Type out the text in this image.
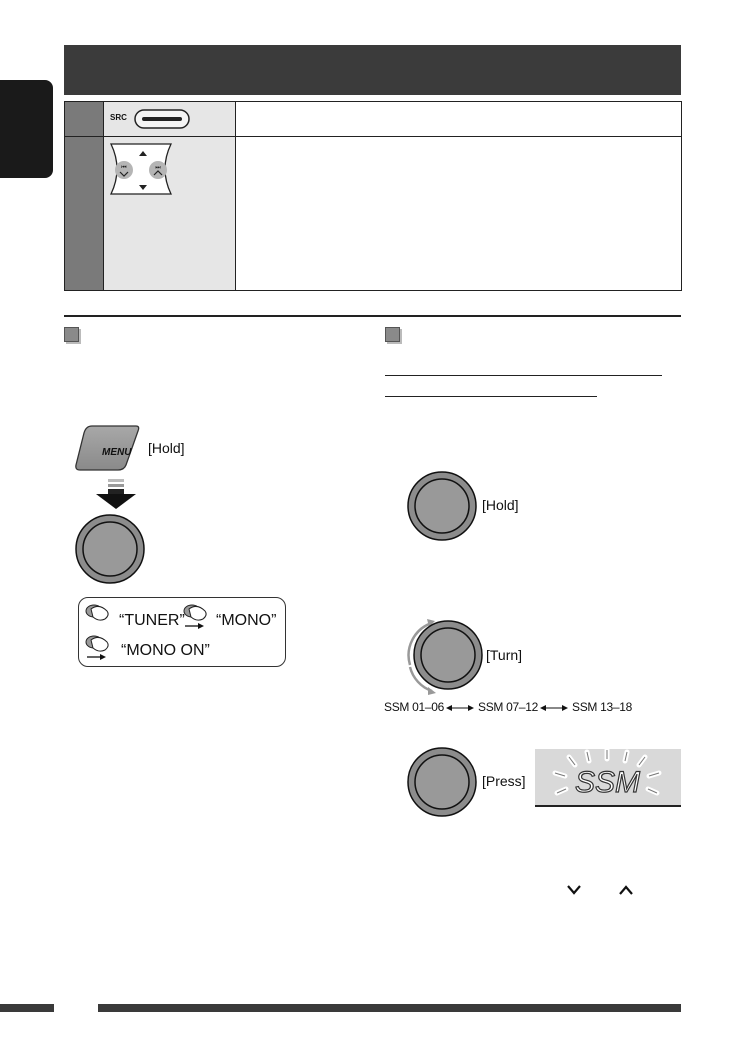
SRC
⏮	⏭
MENU [Hold]
“TUNER” “MONO”
“MONO ON”
[Hold]
[Turn]
SSM 01–06	SSM 07–12	SSM 13–18
[Press] SSM
